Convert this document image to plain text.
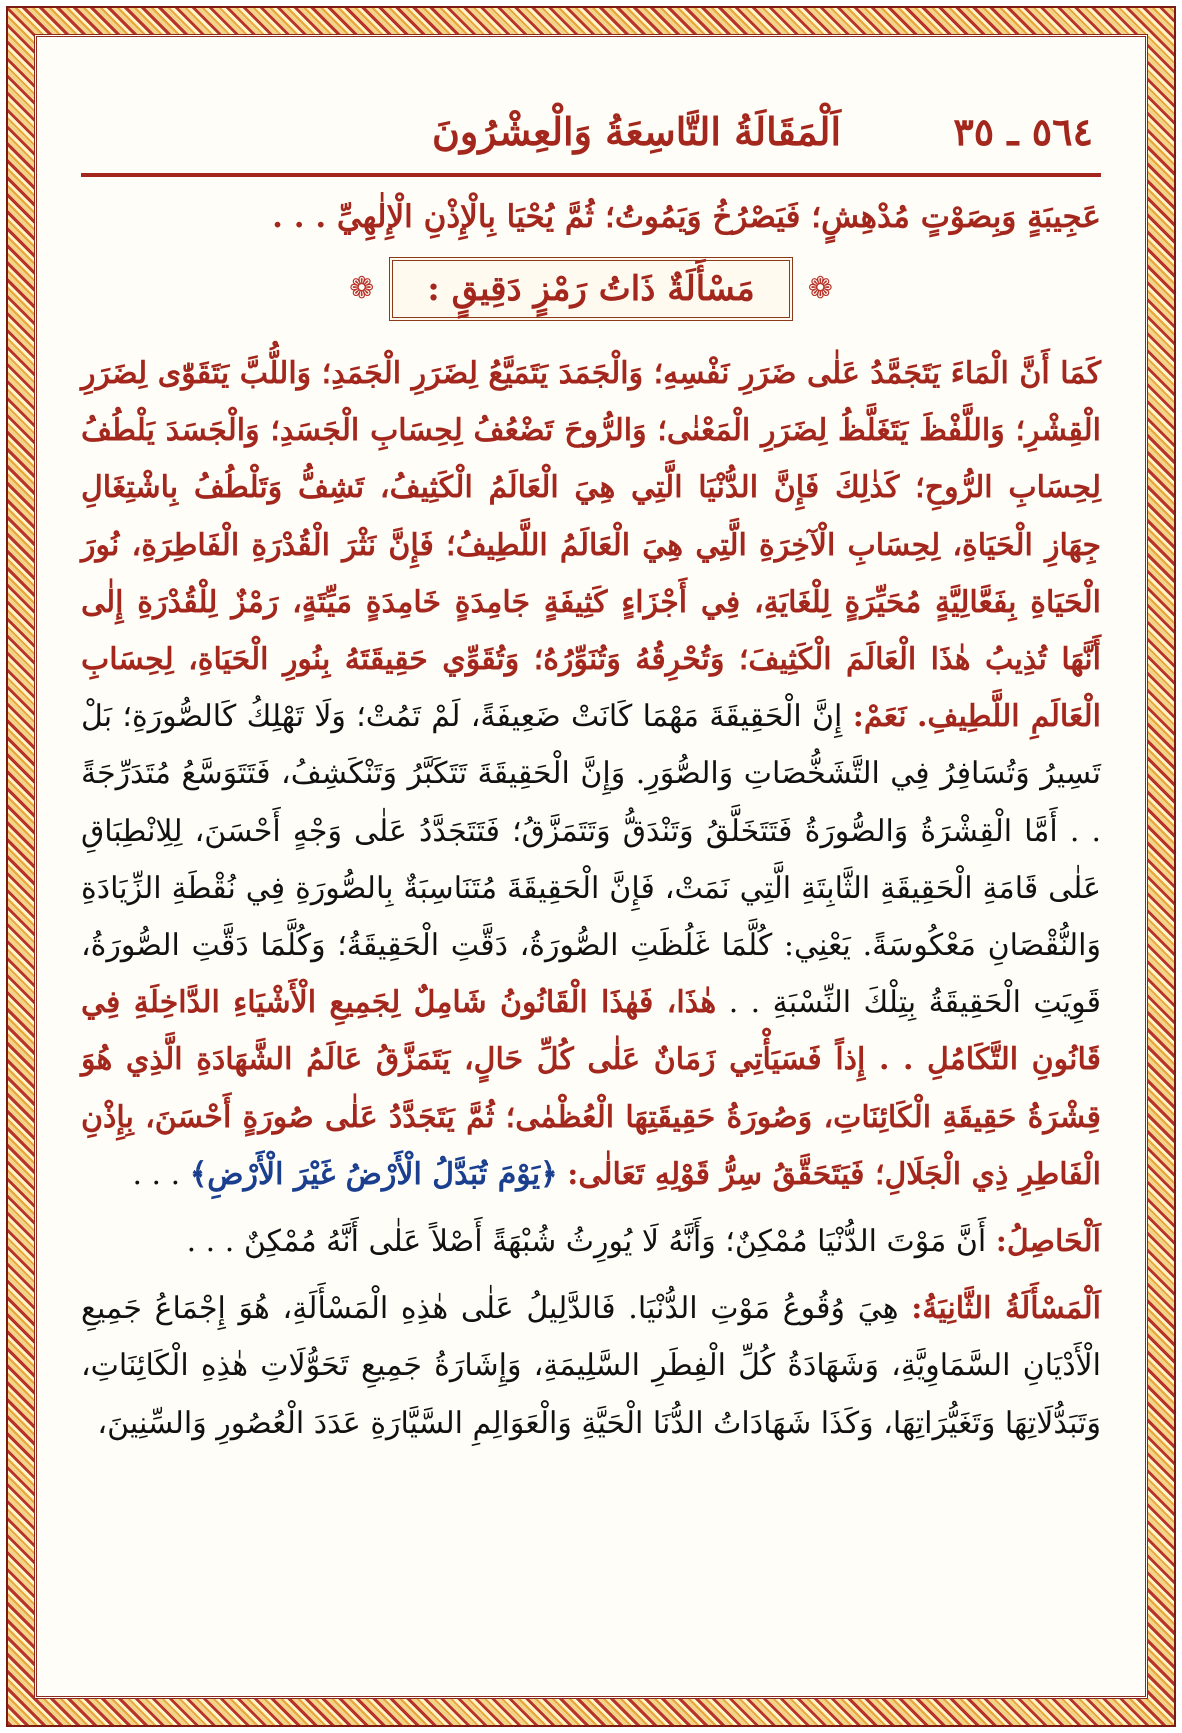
٥٦٤ ـ ٣٥
اَلْمَقَالَةُ التَّاسِعَةُ وَالْعِشْرُونَ
عَجِيبَةٍ وَبِصَوْتٍ مُدْهِشٍ؛ فَيَصْرُخُ وَيَمُوتُ؛ ثُمَّ يُحْيَا بِالْإِذْنِ الْإِلٰهِيِّ . . .
❁ مَسْأَلَةٌ ذَاتُ رَمْزٍ دَقِيقٍ : ❁
كَمَا أَنَّ الْمَاءَ يَتَجَمَّدُ عَلٰى ضَرَرِ نَفْسِهِ؛ وَالْجَمَدَ يَتَمَيَّعُ لِضَرَرِ الْجَمَدِ؛ وَاللُّبَّ يَتَقَوّٰى لِضَرَرِ الْقِشْرِ؛ وَاللَّفْظَ يَتَغَلَّظُ لِضَرَرِ الْمَعْنٰى؛ وَالرُّوحَ تَضْعُفُ لِحِسَابِ الْجَسَدِ؛ وَالْجَسَدَ يَلْطُفُ لِحِسَابِ الرُّوحِ؛ كَذٰلِكَ فَإِنَّ الدُّنْيَا الَّتِي هِيَ الْعَالَمُ الْكَثِيفُ، تَشِفُّ وَتَلْطُفُ بِاشْتِغَالِ جِهَازِ الْحَيَاةِ، لِحِسَابِ الْآخِرَةِ الَّتِي هِيَ الْعَالَمُ اللَّطِيفُ؛ فَإِنَّ نَثْرَ الْقُدْرَةِ الْفَاطِرَةِ، نُورَ الْحَيَاةِ بِفَعَّالِيَّةٍ مُحَيِّرَةٍ لِلْغَايَةِ، فِي أَجْزَاءٍ كَثِيفَةٍ جَامِدَةٍ خَامِدَةٍ مَيِّتَةٍ، رَمْزٌ لِلْقُدْرَةِ إِلٰى أَنَّهَا تُذِيبُ هٰذَا الْعَالَمَ الْكَثِيفَ؛ وَتُحْرِقُهُ وَتُنَوِّرُهُ؛ وَتُقَوِّي حَقِيقَتَهُ بِنُورِ الْحَيَاةِ، لِحِسَابِ الْعَالَمِ اللَّطِيفِ. نَعَمْ: إِنَّ الْحَقِيقَةَ مَهْمَا كَانَتْ ضَعِيفَةً، لَمْ تَمُتْ؛ وَلَا تَهْلِكُ كَالصُّورَةِ؛ بَلْ تَسِيرُ وَتُسَافِرُ فِي التَّشَخُّصَاتِ وَالصُّوَرِ. وَإِنَّ الْحَقِيقَةَ تَتَكَبَّرُ وَتَنْكَشِفُ، فَتَتَوَسَّعُ مُتَدَرِّجَةً . . أَمَّا الْقِشْرَةُ وَالصُّورَةُ فَتَتَخَلَّقُ وَتَنْدَقُّ وَتَتَمَزَّقُ؛ فَتَتَجَدَّدُ عَلٰى وَجْهٍ أَحْسَنَ، لِلِانْطِبَاقِ عَلٰى قَامَةِ الْحَقِيقَةِ الثَّابِتَةِ الَّتِي نَمَتْ، فَإِنَّ الْحَقِيقَةَ مُتَنَاسِبَةٌ بِالصُّورَةِ فِي نُقْطَةِ الزِّيَادَةِ وَالنُّقْصَانِ مَعْكُوسَةً. يَعْنِي: كُلَّمَا غَلُظَتِ الصُّورَةُ، دَقَّتِ الْحَقِيقَةُ؛ وَكُلَّمَا دَقَّتِ الصُّورَةُ، قَوِيَتِ الْحَقِيقَةُ بِتِلْكَ النِّسْبَةِ . . هٰذَا، فَهٰذَا الْقَانُونُ شَامِلٌ لِجَمِيعِ الْأَشْيَاءِ الدَّاخِلَةِ فِي قَانُونِ التَّكَامُلِ . . إِذاً فَسَيَأْتِي زَمَانٌ عَلٰى كُلِّ حَالٍ، يَتَمَزَّقُ عَالَمُ الشَّهَادَةِ الَّذِي هُوَ قِشْرَةُ حَقِيقَةِ الْكَائِنَاتِ، وَصُورَةُ حَقِيقَتِهَا الْعُظْمٰى؛ ثُمَّ يَتَجَدَّدُ عَلٰى صُورَةٍ أَحْسَنَ، بِإِذْنِ الْفَاطِرِ ذِي الْجَلَالِ؛ فَيَتَحَقَّقُ سِرُّ قَوْلِهِ تَعَالٰى: ﴿يَوْمَ تُبَدَّلُ الْأَرْضُ غَيْرَ الْأَرْضِ﴾ . . .
اَلْحَاصِلُ: أَنَّ مَوْتَ الدُّنْيَا مُمْكِنٌ؛ وَأَنَّهُ لَا يُورِثُ شُبْهَةً أَصْلاً عَلٰى أَنَّهُ مُمْكِنٌ . . .
اَلْمَسْأَلَةُ الثَّانِيَةُ: هِيَ وُقُوعُ مَوْتِ الدُّنْيَا. فَالدَّلِيلُ عَلٰى هٰذِهِ الْمَسْأَلَةِ، هُوَ إِجْمَاعُ جَمِيعِ الْأَدْيَانِ السَّمَاوِيَّةِ، وَشَهَادَةُ كُلِّ الْفِطَرِ السَّلِيمَةِ، وَإِشَارَةُ جَمِيعِ تَحَوُّلَاتِ هٰذِهِ الْكَائِنَاتِ، وَتَبَدُّلَاتِهَا وَتَغَيُّرَاتِهَا، وَكَذَا شَهَادَاتُ الدُّنَا الْحَيَّةِ وَالْعَوَالِمِ السَّيَّارَةِ عَدَدَ الْعُصُورِ وَالسِّنِينَ،
